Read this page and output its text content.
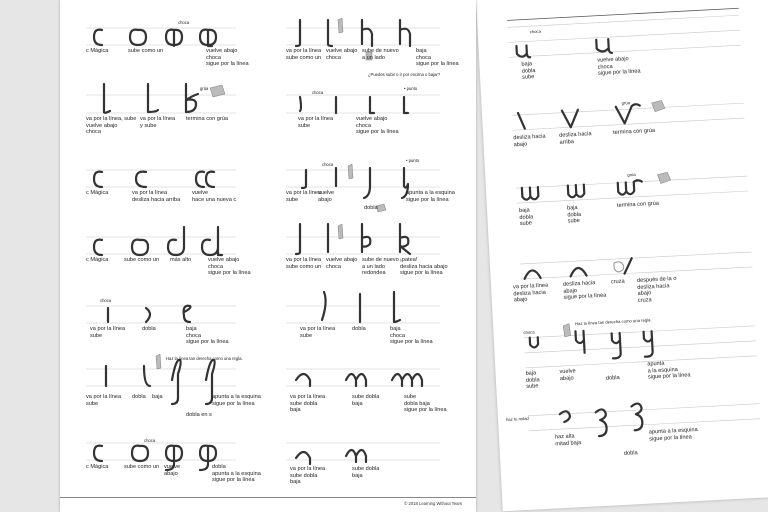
choca
baja
dobla
sube
vuelve abajo
choca
sigue por la línea
grúa
desliza hacia
abajo
desliza hacia
arriba
termina con grúa
grúa
baja
dobla
sube
baja
dobla
sube
termina con grúa
va por la línea
desliza hacia
abajo
desliza hacia
abajo
sigue por la línea
cruza después de la σ
desliza hacia
abajo
cruza
choca
Haz la línea tan derecha como una regla.
baja
dobla
sube
vuelve
abajo	dobla
apunta
a la esquina
sigue por la línea
haz tu mitad
haz alta
mitad baja
apunta a la esquina
sigue por la línea
dobla
choca
c Mágica	sube como un	vuelve abajo
choca
sigue por la línea
grúa
va por la línea, sube
vuelve abajo
choca
va por la línea
y sube
termina con grúa
c Mágica	va por la línea
desliza hacia arriba
vuelve
hace una nueva c
c Mágica	sube como un más alto	vuelve abajo
choca
sigue por la línea
choca
va por la línea
sube
dobla	baja
choca
sigue por la línea
Haz la línea tan derecha como una regla.
va por la línea
sube
dobla baja	apunta a la esquina
sigue por la línea
dobla en s
choca
c Mágica	sube como un vuelve
abajo
dobla
apunta a la esquina
sigue por la línea
va por la línea
sube como un
vuelve abajo
choca
sube de nuevo
a un lado
baja
choca
sigue por la línea
¿Puedes subir o ir por encima o bajar?
choca
• punto
va por la línea
sube
vuelve abajo
choca
sigue por la línea
choca
• punto
va por la línea
sube
vuelve
abajo
dobla
apunta a la esquina
sigue por la línea
va por la línea
sube como un
vuelve abajo
choca
sube de nuevo
a un lado
redondea
¡patea!
desliza hacia abajo
sigue por la línea
va por la línea
sube
dobla	baja
choca
sigue por la línea
va por la línea
sube dobla
baja
sube dobla
baja
sube
dobla baja
sigue por la línea
va por la línea
sube dobla
baja
sube dobla
baja
© 2018 Learning Without Tears
